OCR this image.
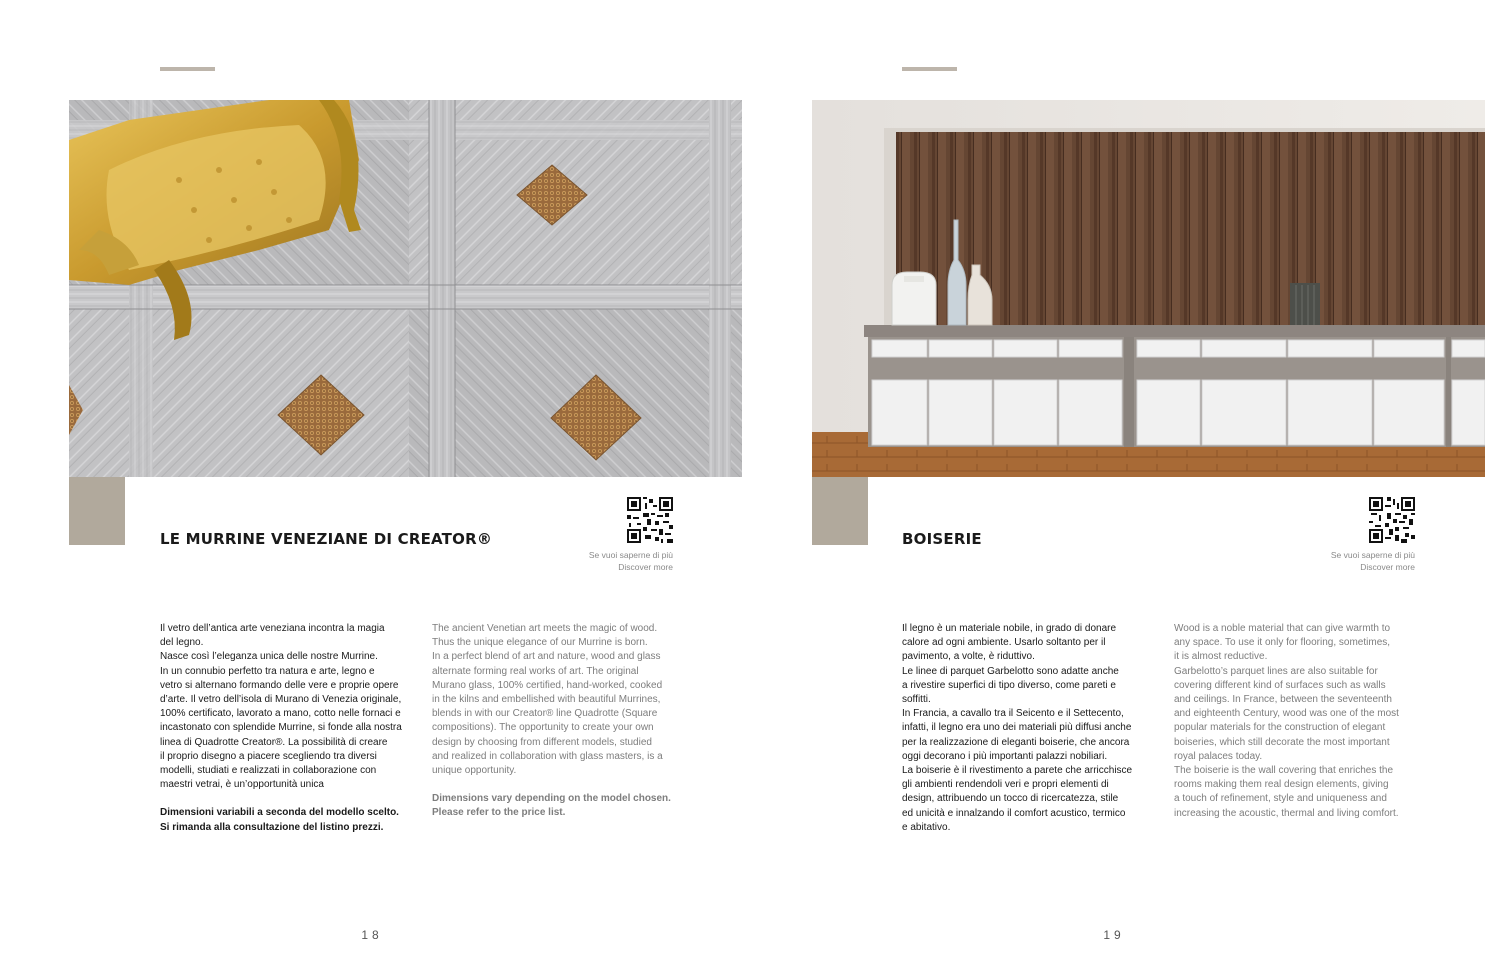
LE MURRINE VENEZIANE DI CREATOR®
Se vuoi saperne di più
Discover more

Il vetro dell’antica arte veneziana incontra la magia

del legno.

Nasce così l’eleganza unica delle nostre Murrine.

In un connubio perfetto tra natura e arte, legno e

vetro si alternano formando delle vere e proprie opere

d’arte. Il vetro dell’isola di Murano di Venezia originale,

100% certificato, lavorato a mano, cotto nelle fornaci e

incastonato con splendide Murrine, si fonde alla nostra

linea di Quadrotte Creator®. La possibilità di creare

il proprio disegno a piacere scegliendo tra diversi

modelli, studiati e realizzati in collaborazione con

maestri vetrai, è un’opportunità unica

Dimensioni variabili a seconda del modello scelto.

Si rimanda alla consultazione del listino prezzi.

The ancient Venetian art meets the magic of wood.

Thus the unique elegance of our Murrine is born.

In a perfect blend of art and nature, wood and glass

alternate forming real works of art. The original

Murano glass, 100% certified, hand-worked, cooked

in the kilns and embellished with beautiful Murrines,

blends in with our Creator® line Quadrotte (Square

compositions). The opportunity to create your own

design by choosing from different models, studied

and realized in collaboration with glass masters, is a

unique opportunity.

Dimensions vary depending on the model chosen.

Please refer to the price list.

18
BOISERIE
Se vuoi saperne di più
Discover more

Il legno è un materiale nobile, in grado di donare

calore ad ogni ambiente. Usarlo soltanto per il

pavimento, a volte, è riduttivo.

Le linee di parquet Garbelotto sono adatte anche

a rivestire superfici di tipo diverso, come pareti e

soffitti.

In Francia, a cavallo tra il Seicento e il Settecento,

infatti, il legno era uno dei materiali più diffusi anche

per la realizzazione di eleganti boiserie, che ancora

oggi decorano i più importanti palazzi nobiliari.

La boiserie è il rivestimento a parete che arricchisce

gli ambienti rendendoli veri e propri elementi di

design, attribuendo un tocco di ricercatezza, stile

ed unicità e innalzando il comfort acustico, termico

e abitativo.

Wood is a noble material that can give warmth to

any space. To use it only for flooring, sometimes,

it is almost reductive.

Garbelotto’s parquet lines are also suitable for

covering different kind of surfaces such as walls

and ceilings. In France, between the seventeenth

and eighteenth Century, wood was one of the most

popular materials for the construction of elegant

boiseries, which still decorate the most important

royal palaces today.

The boiserie is the wall covering that enriches the

rooms making them real design elements, giving

a touch of refinement, style and uniqueness and

increasing the acoustic, thermal and living comfort.

19
